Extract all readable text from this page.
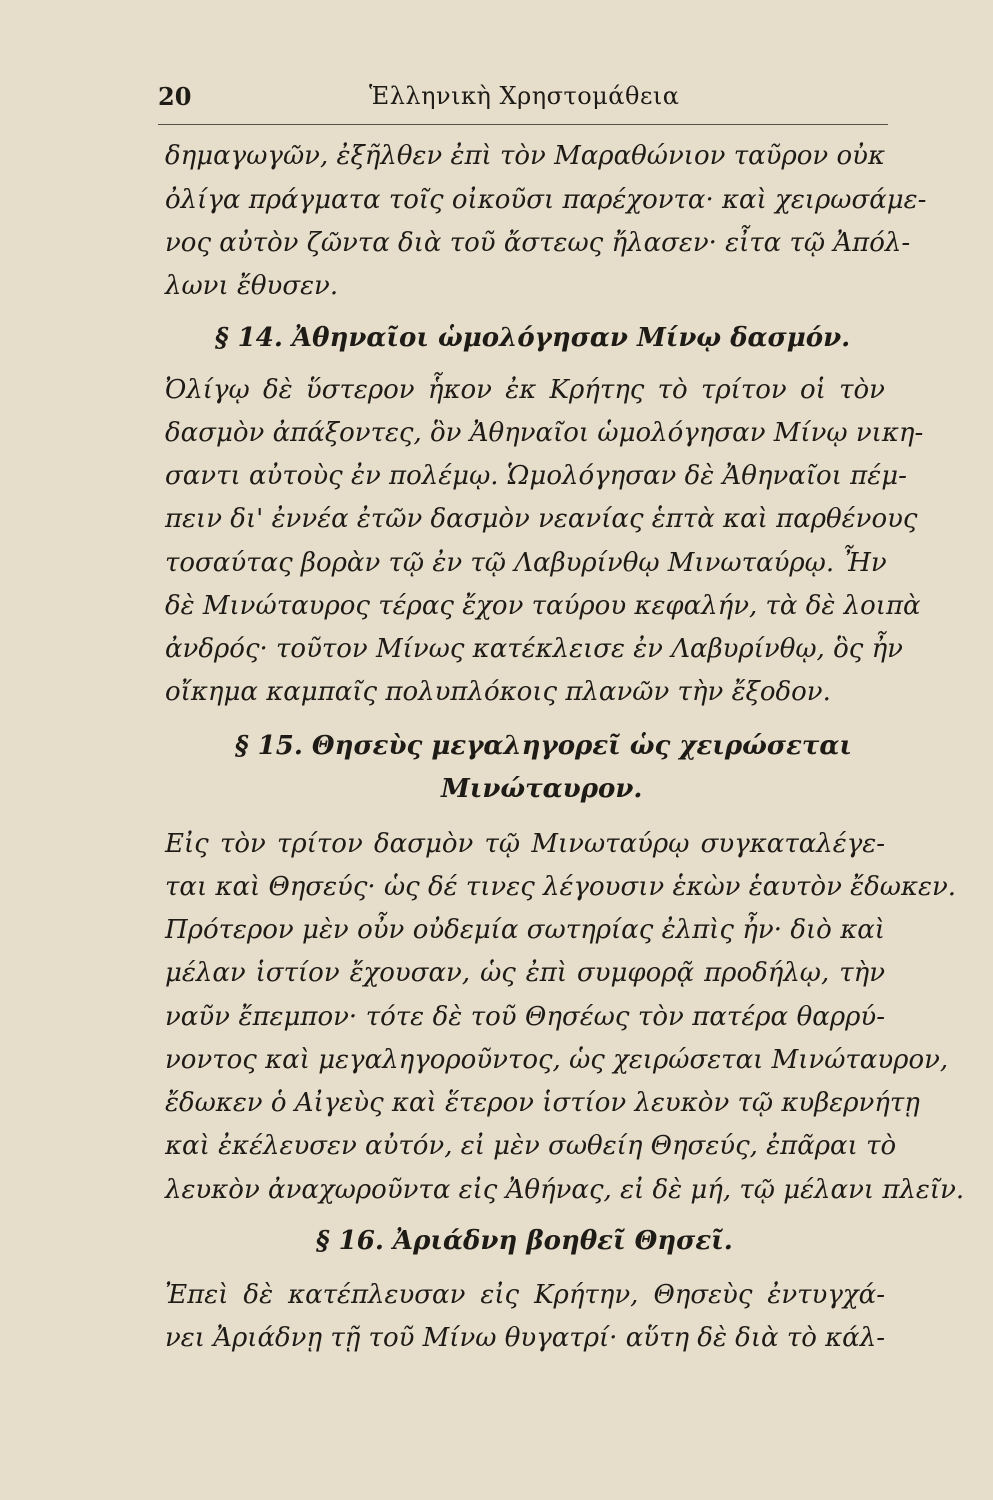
20	Ἑλληνικὴ Χρηστομάθεια
δημαγωγῶν, ἐξῆλθεν ἐπὶ τὸν Μαραθώνιον ταῦρον οὐκ
ὀλίγα πράγματα τοῖς οἰκοῦσι παρέχοντα· καὶ χειρωσάμε-
νος αὐτὸν ζῶντα διὰ τοῦ ἄστεως ἤλασεν· εἶτα τῷ Ἀπόλ-
λωνι ἔθυσεν.
§ 14. Ἀθηναῖοι ὡμολόγησαν Μίνῳ δασμόν.
Ὀλίγῳ δὲ ὕστερον ἧκον ἐκ Κρήτης τὸ τρίτον οἱ τὸν
δασμὸν ἀπάξοντες, ὃν Ἀθηναῖοι ὡμολόγησαν Μίνῳ νικη-
σαντι αὐτοὺς ἐν πολέμῳ. Ὡμολόγησαν δὲ Ἀθηναῖοι πέμ-
πειν δι' ἐννέα ἐτῶν δασμὸν νεανίας ἑπτὰ καὶ παρθένους
τοσαύτας βορὰν τῷ ἐν τῷ Λαβυρίνθῳ Μινωταύρῳ. Ἦν
δὲ Μινώταυρος τέρας ἔχον ταύρου κεφαλήν, τὰ δὲ λοιπὰ
ἀνδρός· τοῦτον Μίνως κατέκλεισε ἐν Λαβυρίνθῳ, ὃς ἦν
οἴκημα καμπαῖς πολυπλόκοις πλανῶν τὴν ἔξοδον.
§ 15. Θησεὺς μεγαληγορεῖ ὡς χειρώσεται
Μινώταυρον.
Εἰς τὸν τρίτον δασμὸν τῷ Μινωταύρῳ συγκαταλέγε-
ται καὶ Θησεύς· ὡς δέ τινες λέγουσιν ἑκὼν ἑαυτὸν ἔδωκεν.
Πρότερον μὲν οὖν οὐδεμία σωτηρίας ἐλπὶς ἦν· διὸ καὶ
μέλαν ἱστίον ἔχουσαν, ὡς ἐπὶ συμφορᾷ προδήλῳ, τὴν
ναῦν ἔπεμπον· τότε δὲ τοῦ Θησέως τὸν πατέρα θαρρύ-
νοντος καὶ μεγαληγοροῦντος, ὡς χειρώσεται Μινώταυρον,
ἔδωκεν ὁ Αἰγεὺς καὶ ἕτερον ἱστίον λευκὸν τῷ κυβερνήτῃ
καὶ ἐκέλευσεν αὐτόν, εἰ μὲν σωθείη Θησεύς, ἐπᾶραι τὸ
λευκὸν ἀναχωροῦντα εἰς Ἀθήνας, εἰ δὲ μή, τῷ μέλανι πλεῖν.
§ 16. Ἀριάδνη βοηθεῖ Θησεῖ.
Ἐπεὶ δὲ κατέπλευσαν εἰς Κρήτην, Θησεὺς ἐντυγχά-
νει Ἀριάδνῃ τῇ τοῦ Μίνω θυγατρί· αὕτη δὲ διὰ τὸ κάλ-
